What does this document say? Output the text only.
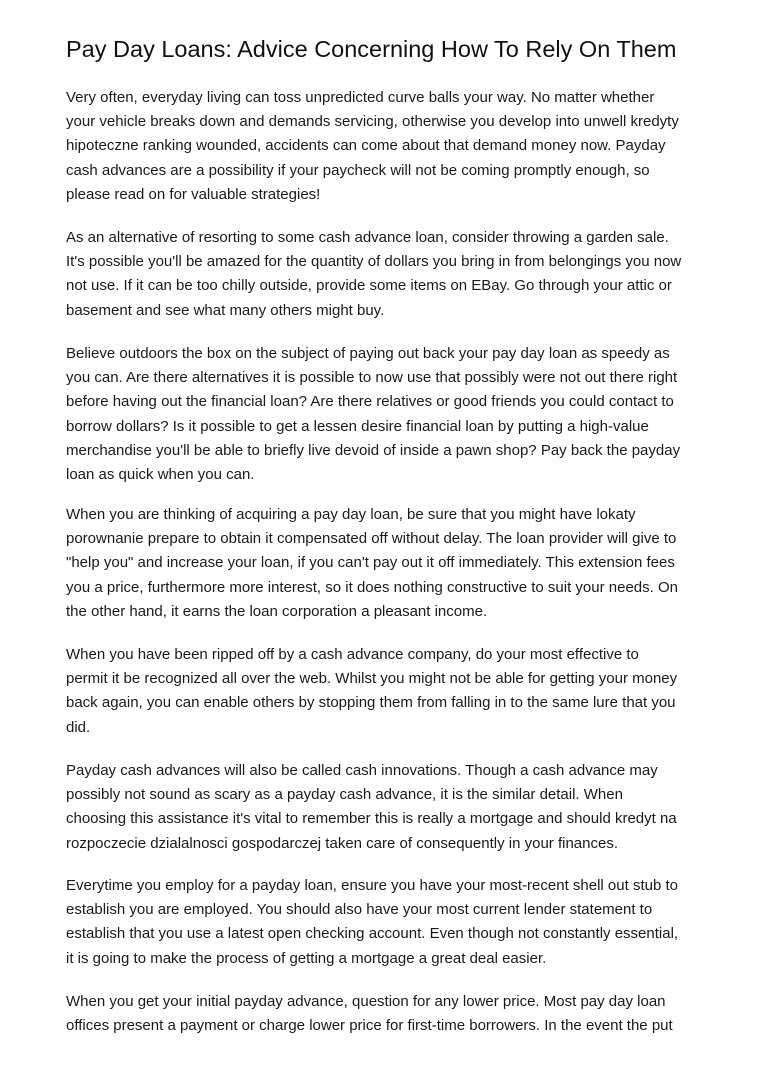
Pay Day Loans: Advice Concerning How To Rely On Them

Very often, everyday living can toss unpredicted curve balls your way. No matter whether
your vehicle breaks down and demands servicing, otherwise you develop into unwell kredyty
hipoteczne ranking wounded, accidents can come about that demand money now. Payday
cash advances are a possibility if your paycheck will not be coming promptly enough, so
please read on for valuable strategies!

As an alternative of resorting to some cash advance loan, consider throwing a garden sale.
It's possible you'll be amazed for the quantity of dollars you bring in from belongings you now
not use. If it can be too chilly outside, provide some items on EBay. Go through your attic or
basement and see what many others might buy.

Believe outdoors the box on the subject of paying out back your pay day loan as speedy as
you can. Are there alternatives it is possible to now use that possibly were not out there right
before having out the financial loan? Are there relatives or good friends you could contact to
borrow dollars? Is it possible to get a lessen desire financial loan by putting a high-value
merchandise you'll be able to briefly live devoid of inside a pawn shop? Pay back the payday
loan as quick when you can.

When you are thinking of acquiring a pay day loan, be sure that you might have lokaty
porownanie prepare to obtain it compensated off without delay. The loan provider will give to
"help you" and increase your loan, if you can't pay out it off immediately. This extension fees
you a price, furthermore more interest, so it does nothing constructive to suit your needs. On
the other hand, it earns the loan corporation a pleasant income.

When you have been ripped off by a cash advance company, do your most effective to
permit it be recognized all over the web. Whilst you might not be able for getting your money
back again, you can enable others by stopping them from falling in to the same lure that you
did.

Payday cash advances will also be called cash innovations. Though a cash advance may
possibly not sound as scary as a payday cash advance, it is the similar detail. When
choosing this assistance it's vital to remember this is really a mortgage and should kredyt na
rozpoczecie dzialalnosci gospodarczej taken care of consequently in your finances.

Everytime you employ for a payday loan, ensure you have your most-recent shell out stub to
establish you are employed. You should also have your most current lender statement to
establish that you use a latest open checking account. Even though not constantly essential,
it is going to make the process of getting a mortgage a great deal easier.

When you get your initial payday advance, question for any lower price. Most pay day loan
offices present a payment or charge lower price for first-time borrowers. In the event the put
